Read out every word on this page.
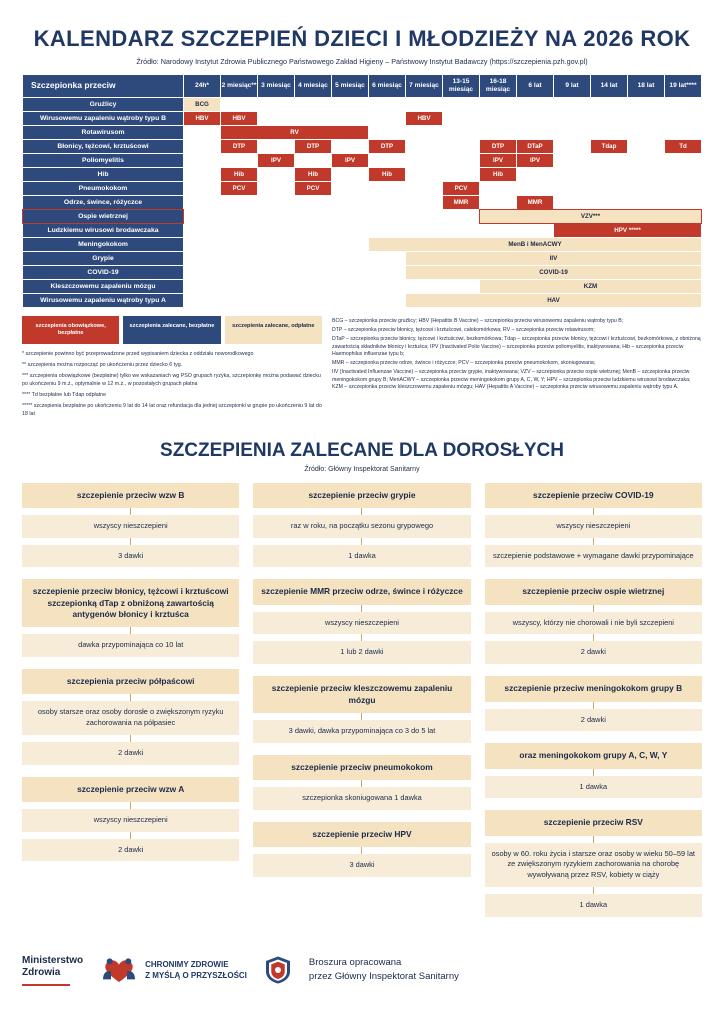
KALENDARZ SZCZEPIEŃ DZIECI I MŁODZIEŻY NA 2026 ROK
Źródło: Narodowy Instytut Zdrowia Publicznego Państwowego Zakład Higieny – Państwowy Instytut Badawczy (https://szczepienia.pzh.gov.pl)
Szczepionka przeciw	24h*	2 miesiąc**	3 miesiąc	4 miesiąc	5 miesiąc	6 miesiąc	7 miesiąc	13-15 miesiąc	16-18 miesiąc	6 lat	9 lat	14 lat	18 lat	19 lat****
Gruźlicy	BCG													

Wirusowemu zapaleniu wątroby typu B	HBV	HBV					HBV							

Rotawirusom		RV												

Błonicy, tężcowi, krztuścowi		DTP		DTP		DTP			DTP	DTaP		Tdap		Td

Poliomyelitis			IPV		IPV				IPV	IPV				

Hib		Hib		Hib		Hib			Hib					

Pneumokokom		PCV		PCV				PCV						

Odrze, śwince, różyczce								MMR		MMR				

Ospie wietrznej									VZV***					

Ludzkiemu wirusowi brodawczaka											HPV *****			

Meningokokom						MenB i MenACWY								

Grypie							IIV							

COVID-19							COVID-19							

Kleszczowemu zapaleniu mózgu									KZM					

Wirusowemu zapaleniu wątroby typu A							HAV							
szczepienia obowiązkowe, bezpłatne
szczepienia zalecane, bezpłatne	szczepienia zalecane, odpłatne

* szczepienie powinno być przeprowadzone przed wypisaniem dziecka z oddziału noworodkowego

** szczepienia można rozpocząć po ukończeniu przez dziecko 6 tyg.

*** szczepienia obowiązkowe (bezpłatne) tylko we wskazaniach wg PSO grupach ryzyka, szczepionkę można podawać dziecku po ukończeniu 9 m.ż., optymalnie w 12 m.ż., w pozostałych grupach płatna

**** Td bezpłatne lub Tdap odpłatne

***** szczepienia bezpłatne po ukończeniu 9 lat do 14 lat oraz refundacja dla jednej szczepionki w grupie po ukończeniu 9 lat do 18 lat

BCG – szczepionka przeciw gruźlicy; HBV (Hepatitis B Vaccine) – szczepionka przeciw wirusowemu zapaleniu wątroby typu B;

DTP – szczepionka przeciw błonicy, tężcowi i krztuścowi, całokomórkowa; RV – szczepionka przeciw rotawirusom;

DTaP – szczepionka przeciw błonicy, tężcowi i krztuścowi, bezkomórkowa; Tdap – szczepionka przeciw błonicy, tężcowi i krztuścowi, bezkomórkowa, z obniżoną zawartością składników błonicy i krztuśca; IPV (Inactivated Polio Vaccine) – szczepionka przeciw poliomyelitis, inaktywowana; Hib – szczepionka przeciw Haemophilus influenzae typu b;

MMR – szczepionka przeciw odrze, śwince i różyczce; PCV – szczepionka przeciw pneumokokom, skoniugowana;

IIV (Inactivated Influenzae Vaccine) – szczepionka przeciw grypie, inaktywowana; VZV – szczepionka przeciw ospie wietrznej; MenB – szczepionka przeciw meningokokom grupy B; MenACWY – szczepionka przeciw meningokokom grupy A, C, W, Y; HPV – szczepionka przeciw ludzkiemu wirusowi brodawczaka; KZM – szczepionka przeciw kleszczowemu zapaleniu mózgu; HAV (Hepatitis A Vaccine) – szczepionka przeciw wirusowemu zapaleniu wątroby typu A.

SZCZEPIENIA ZALECANE DLA DOROSŁYCH
Źródło: Główny Inspektorat Sanitarny
szczepienie przeciw wzw B
wszyscy nieszczepieni
3 dawki
szczepienie przeciw błonicy, tężcowi i krztuścowi szczepionką dTap z obniżoną zawartością antygenów błonicy i krztuśca
dawka przypominająca co 10 lat
szczepienia przeciw półpaścowi
osoby starsze oraz osoby dorosłe o zwiększonym ryzyku zachorowania na półpasiec
2 dawki
szczepienie przeciw wzw A
wszyscy nieszczepieni
2 dawki
szczepienie przeciw grypie
raz w roku, na początku sezonu grypowego
1 dawka
szczepienie MMR przeciw odrze, śwince i różyczce
wszyscy nieszczepieni
1 lub 2 dawki
szczepienie przeciw kleszczowemu zapaleniu mózgu
3 dawki, dawka przypominająca co 3 do 5 lat
szczepienie przeciw pneumokokom
szczepionka skoniugowana 1 dawka
szczepienie przeciw HPV
3 dawki
szczepienie przeciw COVID-19
wszyscy nieszczepieni
szczepienie podstawowe + wymagane dawki przypominające
szczepienie przeciw ospie wietrznej
wszyscy, którzy nie chorowali i nie byli szczepieni
2 dawki
szczepienie przeciw meningokokom grupy B
2 dawki
oraz meningokokom grupy A, C, W, Y
1 dawka
szczepienie przeciw RSV
osoby w 60. roku życia i starsze oraz osoby w wieku 50–59 lat ze zwiększonym ryzykiem zachorowania na chorobę wywoływaną przez RSV, kobiety w ciąży
1 dawka
Ministerstwo
Zdrowia
CHRONIMY ZDROWIE
Z MYŚLĄ O PRZYSZŁOŚCI
Broszura opracowana
przez Główny Inspektorat Sanitarny
